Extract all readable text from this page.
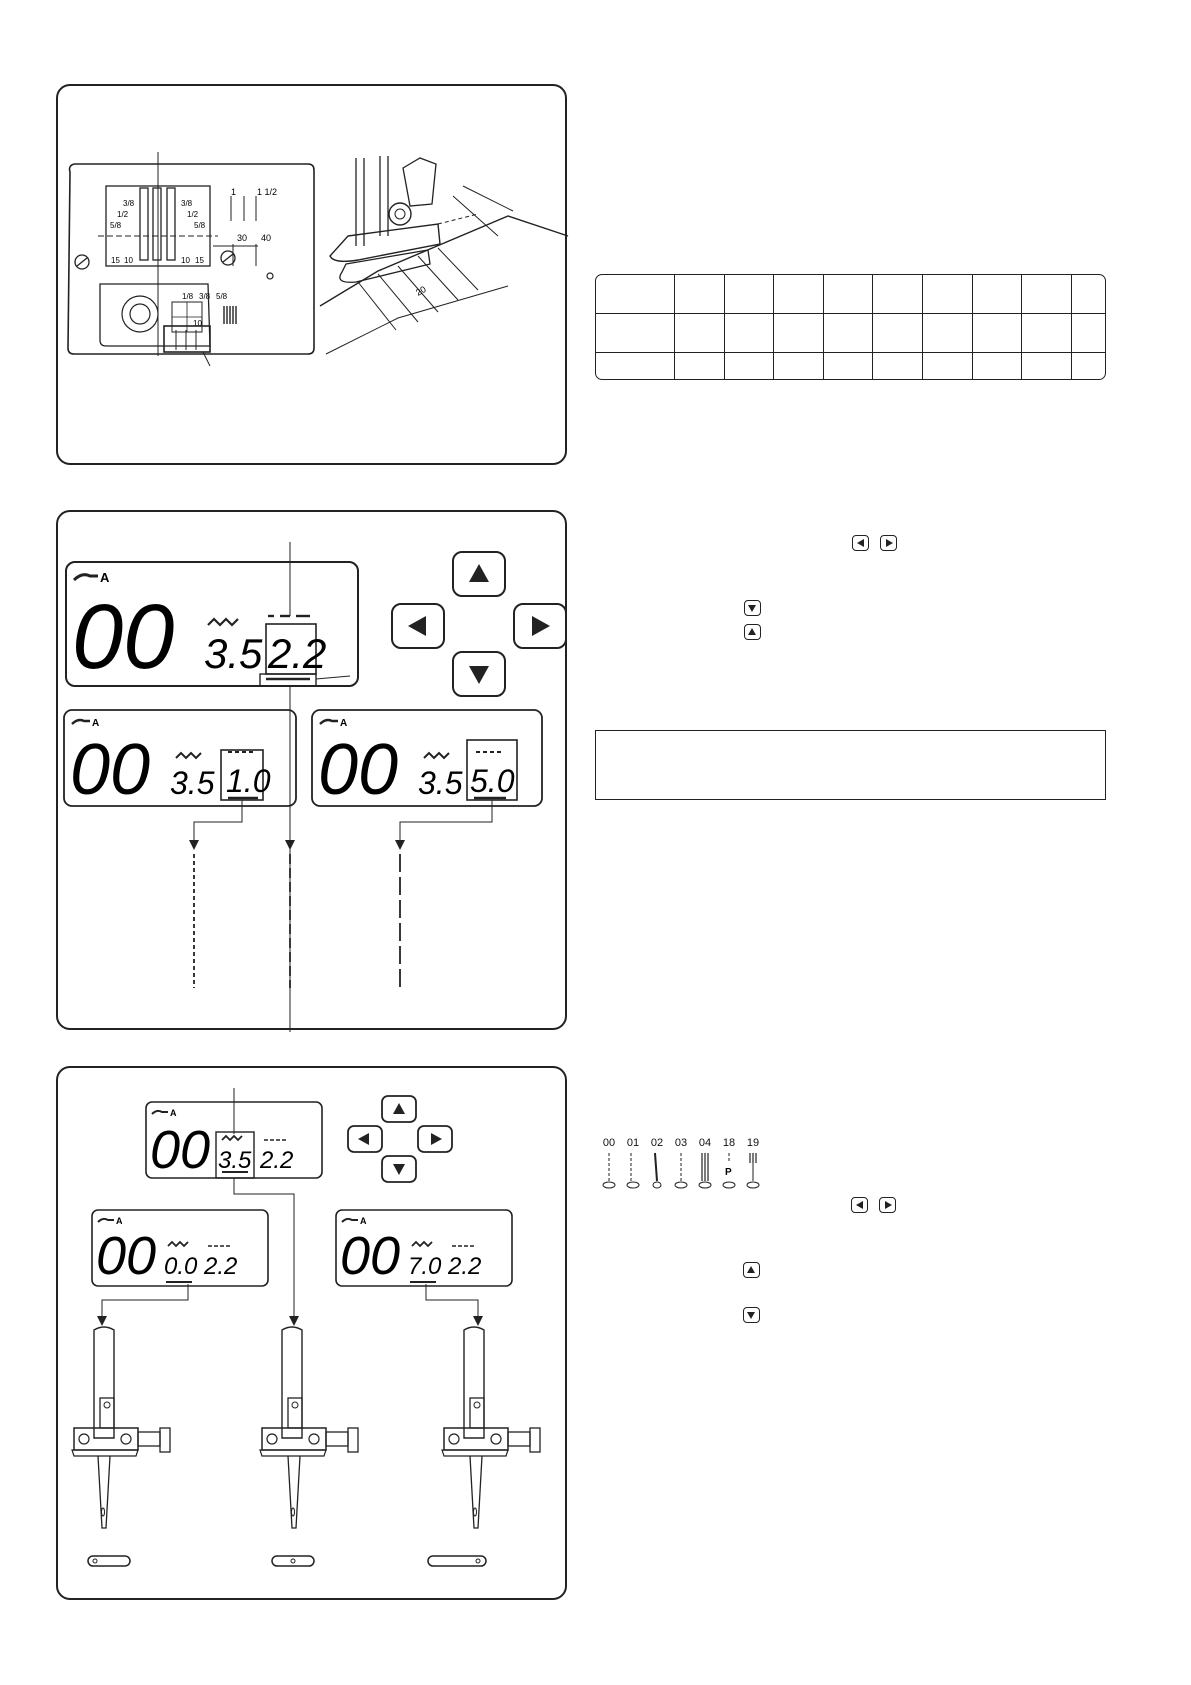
3/8
1/2
5/8
15 10	10 15
3/8
1/2
5/8
1 1 1/2
30 40
1/8 3/8 5/8
10
20

A
00 3.5 2.2
A
00 3.5 1.0
A
00 3.5 5.0
A
00 3.5 2.2
A
00 0.0 2.2
A
00 7.0 2.2
00	01	02	03	04	18	19
P
